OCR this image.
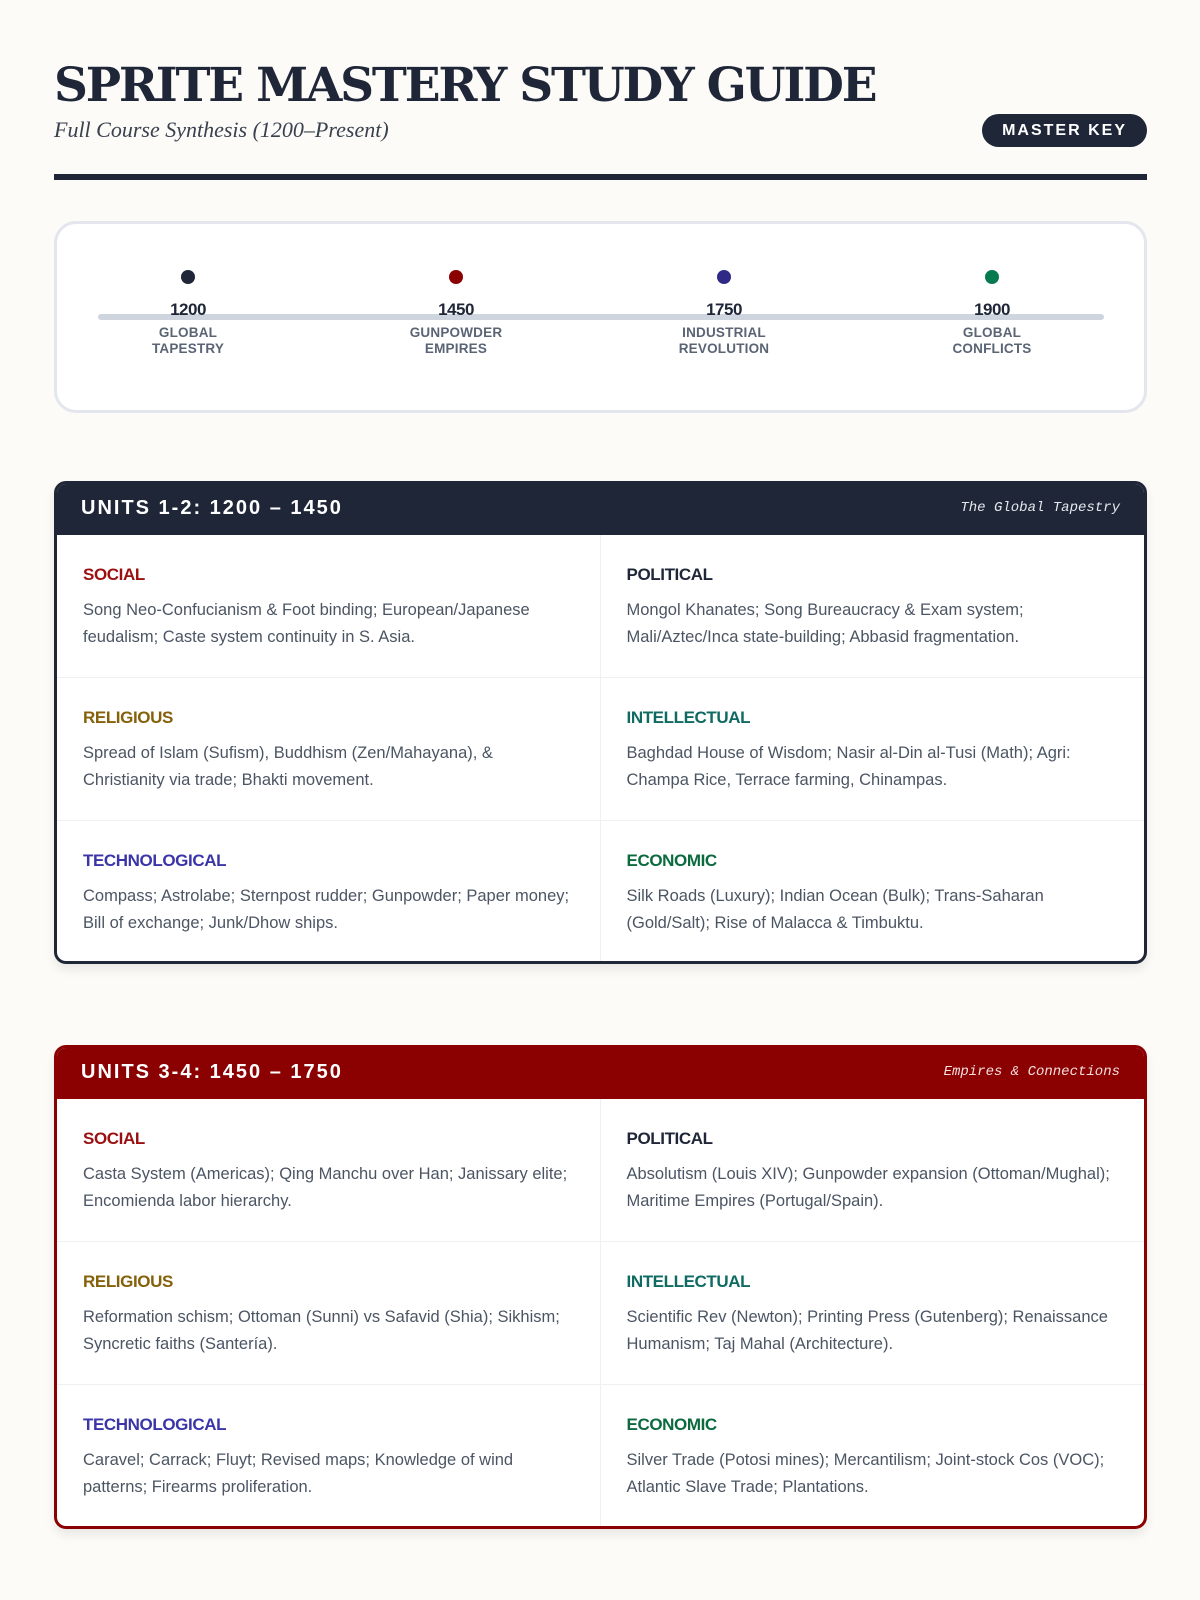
SPRITE MASTERY STUDY GUIDE
Full Course Synthesis (1200–Present)	MASTER KEY
1200
GLOBAL TAPESTRY
1450
GUNPOWDER EMPIRES
1750
INDUSTRIAL REVOLUTION
1900
GLOBAL CONFLICTS
UNITS 1-2: 1200 – 1450	The Global Tapestry
SOCIAL
Song Neo-Confucianism & Foot binding; European/Japanese feudalism; Caste system continuity in S. Asia.
POLITICAL
Mongol Khanates; Song Bureaucracy & Exam system; Mali/Aztec/Inca state-building; Abbasid fragmentation.
RELIGIOUS
Spread of Islam (Sufism), Buddhism (Zen/Mahayana), & Christianity via trade; Bhakti movement.
INTELLECTUAL
Baghdad House of Wisdom; Nasir al-Din al-Tusi (Math); Agri: Champa Rice, Terrace farming, Chinampas.
TECHNOLOGICAL
Compass; Astrolabe; Sternpost rudder; Gunpowder; Paper money; Bill of exchange; Junk/Dhow ships.
ECONOMIC
Silk Roads (Luxury); Indian Ocean (Bulk); Trans-Saharan (Gold/Salt); Rise of Malacca & Timbuktu.
UNITS 3-4: 1450 – 1750	Empires & Connections
SOCIAL
Casta System (Americas); Qing Manchu over Han; Janissary elite; Encomienda labor hierarchy.
POLITICAL
Absolutism (Louis XIV); Gunpowder expansion (Ottoman/Mughal); Maritime Empires (Portugal/Spain).
RELIGIOUS
Reformation schism; Ottoman (Sunni) vs Safavid (Shia); Sikhism; Syncretic faiths (Santería).
INTELLECTUAL
Scientific Rev (Newton); Printing Press (Gutenberg); Renaissance Humanism; Taj Mahal (Architecture).
TECHNOLOGICAL
Caravel; Carrack; Fluyt; Revised maps; Knowledge of wind patterns; Firearms proliferation.
ECONOMIC
Silver Trade (Potosi mines); Mercantilism; Joint-stock Cos (VOC); Atlantic Slave Trade; Plantations.
